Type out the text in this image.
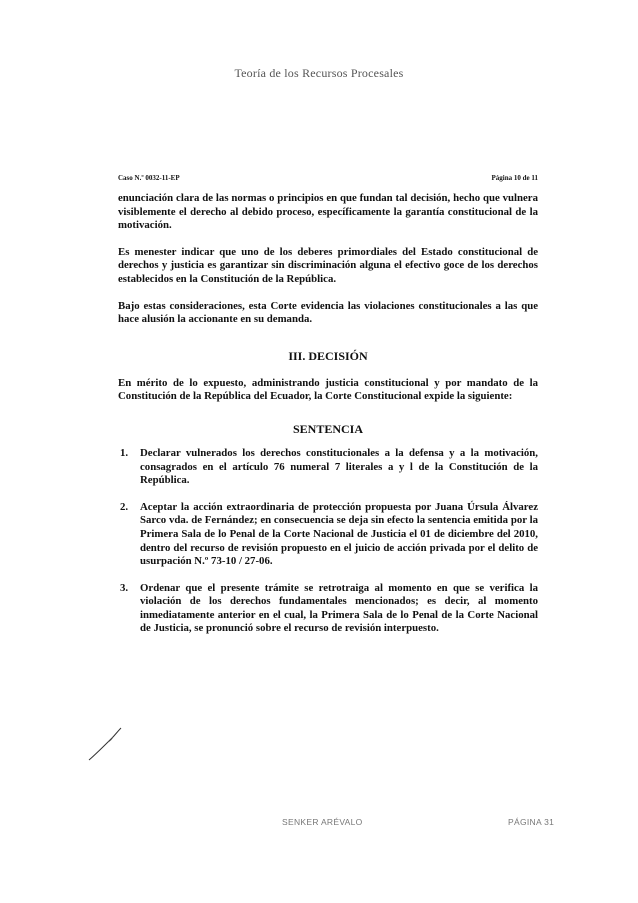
Teoría de los Recursos Procesales
Caso N.º 0032-11-EP	Página 10 de 11

enunciación clara de las normas o principios en que fundan tal decisión, hecho que vulnera visiblemente el derecho al debido proceso, específicamente la garantía constitucional de la motivación.

Es menester indicar que uno de los deberes primordiales del Estado constitucional de derechos y justicia es garantizar sin discriminación alguna el efectivo goce de los derechos establecidos en la Constitución de la República.

Bajo estas consideraciones, esta Corte evidencia las violaciones constitucionales a las que hace alusión la accionante en su demanda.

III. DECISIÓN

En mérito de lo expuesto, administrando justicia constitucional y por mandato de la Constitución de la República del Ecuador, la Corte Constitucional expide la siguiente:

SENTENCIA
1.	Declarar vulnerados los derechos constitucionales a la defensa y a la motivación, consagrados en el artículo 76 numeral 7 literales a y l de la Constitución de la República.
2.	Aceptar la acción extraordinaria de protección propuesta por Juana Úrsula Álvarez Sarco vda. de Fernández; en consecuencia se deja sin efecto la sentencia emitida por la Primera Sala de lo Penal de la Corte Nacional de Justicia el 01 de diciembre del 2010, dentro del recurso de revisión propuesto en el juicio de acción privada por el delito de usurpación N.º 73-10 / 27-06.
3.	Ordenar que el presente trámite se retrotraiga al momento en que se verifica la violación de los derechos fundamentales mencionados; es decir, al momento inmediatamente anterior en el cual, la Primera Sala de lo Penal de la Corte Nacional de Justicia, se pronunció sobre el recurso de revisión interpuesto.
SENKER ARÉVALO	PÁGINA 31
